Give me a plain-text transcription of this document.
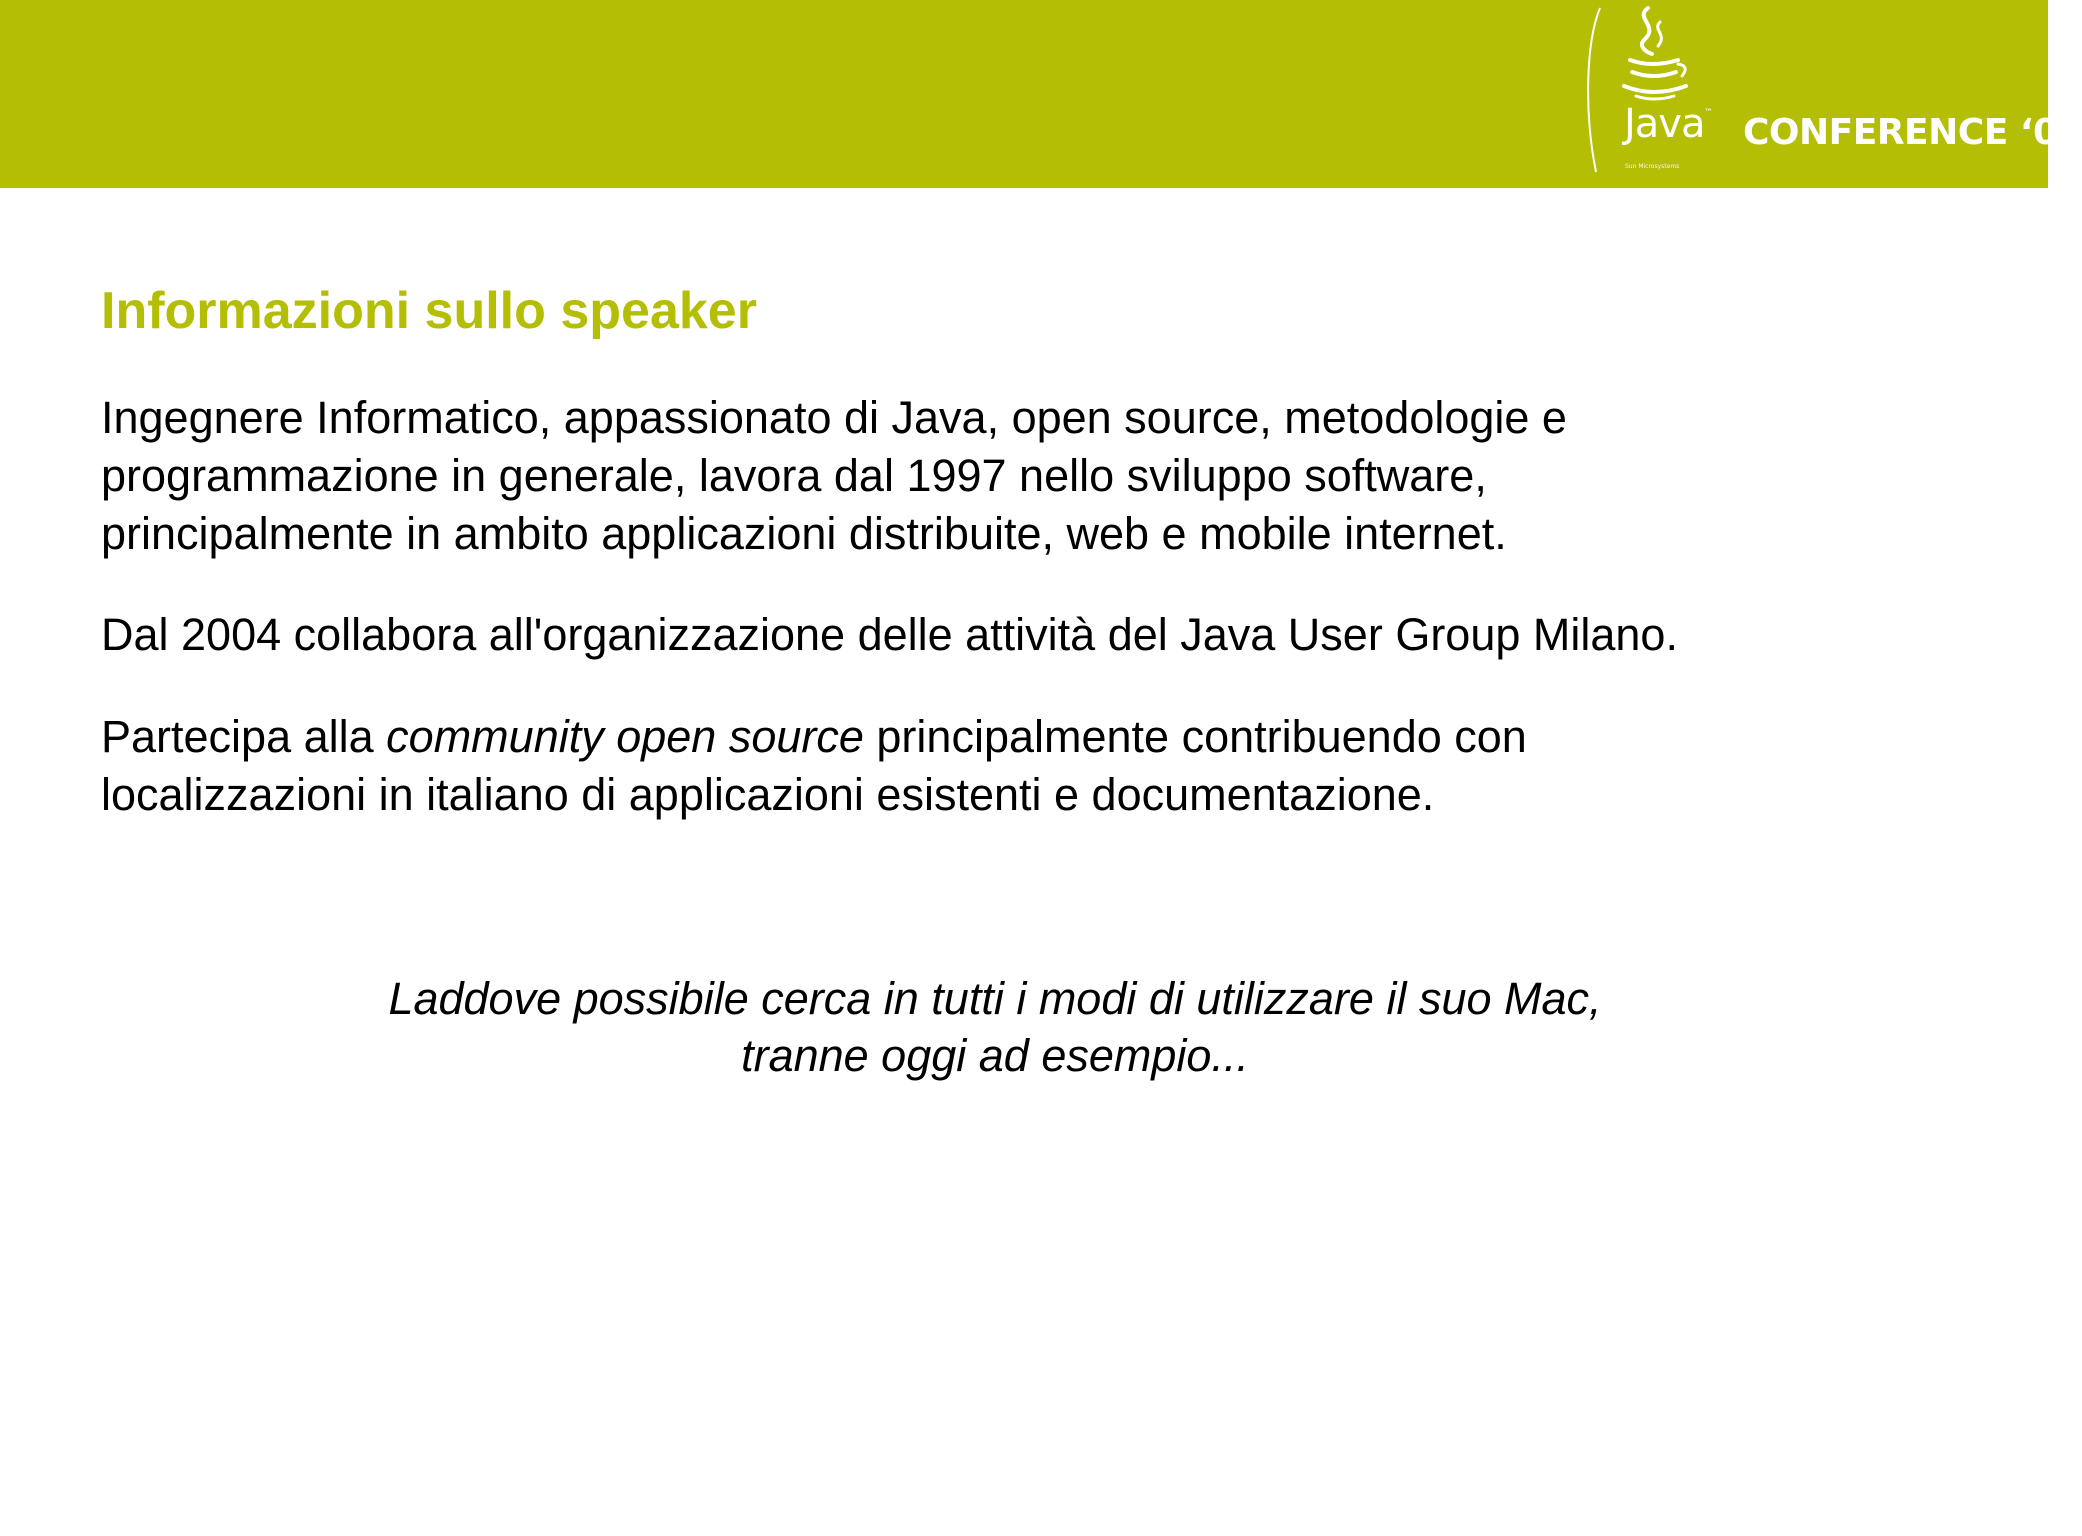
Java ™
Sun Microsystems
CONFERENCE ‘06
Informazioni sullo speaker

Ingegnere Informatico, appassionato di Java, open source, metodologie e
programmazione in generale, lavora dal 1997 nello sviluppo software,
principalmente in ambito applicazioni distribuite, web e mobile internet.

Dal 2004 collabora all'organizzazione delle attività del Java User Group Milano.

Partecipa alla community open source principalmente contribuendo con
localizzazioni in italiano di applicazioni esistenti e documentazione.

Laddove possibile cerca in tutti i modi di utilizzare il suo Mac,
tranne oggi ad esempio...
